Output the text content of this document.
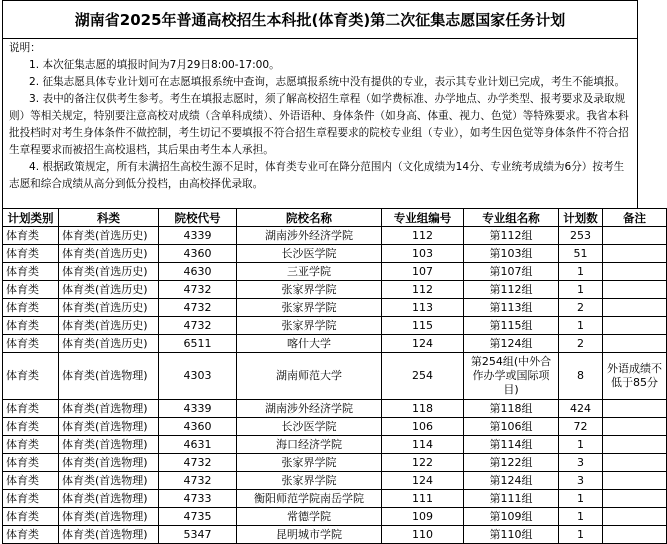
湖南省2025年普通高校招生本科批(体育类)第二次征集志愿国家任务计划

说明：

1. 本次征集志愿的填报时间为7月29日8:00-17:00。

2. 征集志愿具体专业计划可在志愿填报系统中查询，志愿填报系统中没有提供的专业，表示其专业计划已完成，考生不能填报。

3. 表中的备注仅供考生参考。考生在填报志愿时，须了解高校招生章程（如学费标准、办学地点、办学类型、报考要求及录取规则）等相关规定，特别要注意高校对成绩（含单科成绩）、外语语种、身体条件（如身高、体重、视力、色觉）等特殊要求。我省本科批投档时对考生身体条件不做控制，考生切记不要填报不符合招生章程要求的院校专业组（专业），如考生因色觉等身体条件不符合招生章程要求而被招生高校退档，其后果由考生本人承担。

4. 根据政策规定，所有未满招生高校生源不足时，体育类专业可在降分范围内（文化成绩为14分、专业统考成绩为6分）按考生志愿和综合成绩从高分到低分投档，由高校择优录取。

计划类别	科类	院校代号	院校名称	专业组编号	专业组名称	计划数	备注
体育类	体育类(首选历史)	4339	湖南涉外经济学院	112	第112组	253	
体育类	体育类(首选历史)	4360	长沙医学院	103	第103组	51	
体育类	体育类(首选历史)	4630	三亚学院	107	第107组	1	
体育类	体育类(首选历史)	4732	张家界学院	112	第112组	1	
体育类	体育类(首选历史)	4732	张家界学院	113	第113组	2	
体育类	体育类(首选历史)	4732	张家界学院	115	第115组	1	
体育类	体育类(首选历史)	6511	喀什大学	124	第124组	2	
体育类	体育类(首选物理)	4303	湖南师范大学	254	第254组(中外合作办学或国际项目)	8	外语成绩不低于85分
体育类	体育类(首选物理)	4339	湖南涉外经济学院	118	第118组	424	
体育类	体育类(首选物理)	4360	长沙医学院	106	第106组	72	
体育类	体育类(首选物理)	4631	海口经济学院	114	第114组	1	
体育类	体育类(首选物理)	4732	张家界学院	122	第122组	3	
体育类	体育类(首选物理)	4732	张家界学院	124	第124组	3	
体育类	体育类(首选物理)	4733	衡阳师范学院南岳学院	111	第111组	1	
体育类	体育类(首选物理)	4735	常德学院	109	第109组	1	
体育类	体育类(首选物理)	5347	昆明城市学院	110	第110组	1	
